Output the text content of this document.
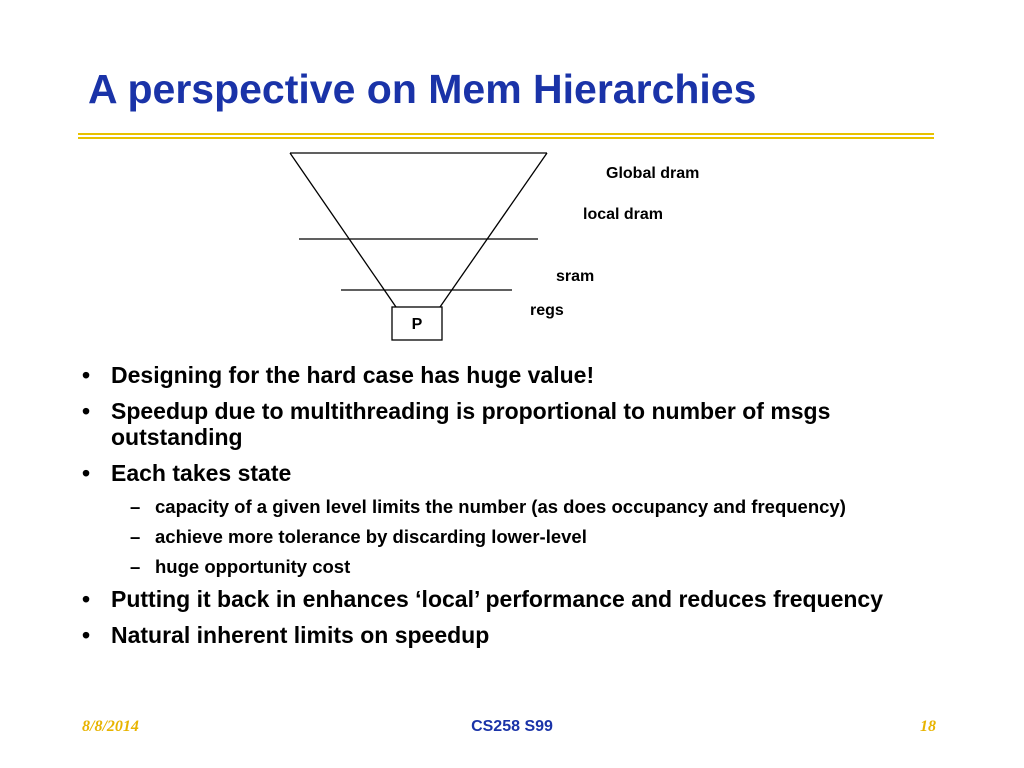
A perspective on Mem Hierarchies
P
Global dram
local dram
sram
regs
• Designing for the hard case has huge value!
• Speedup due to multithreading is proportional to number of msgs outstanding
• Each takes state
– capacity of a given level limits the number (as does occupancy and frequency)
– achieve more tolerance by discarding lower-level
– huge opportunity cost
• Putting it back in enhances ‘local’ performance and reduces frequency
• Natural inherent limits on speedup
8/8/2014	CS258 S99	18
